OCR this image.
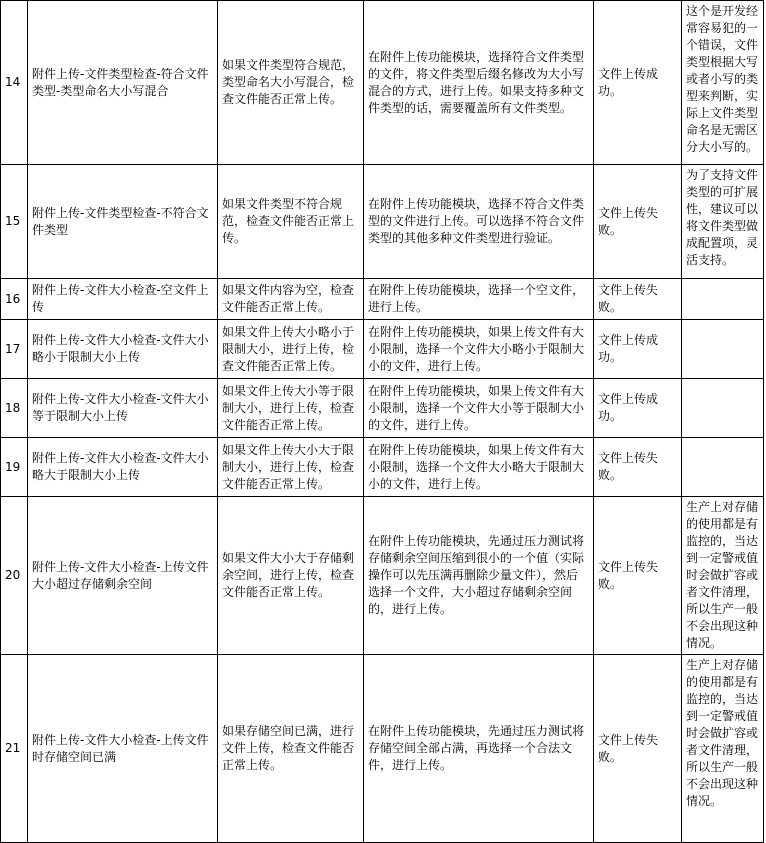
14	附件上传-文件类型检查-符合文件类型-类型命名大小写混合	如果文件类型符合规范，类型命名大小写混合，检查文件能否正常上传。	在附件上传功能模块，选择符合文件类型的文件，将文件类型后缀名修改为大小写混合的方式，进行上传。如果支持多种文件类型的话，需要覆盖所有文件类型。	文件上传成功。	这个是开发经常容易犯的一个错误，文件类型根据大写或者小写的类型来判断，实际上文件类型命名是无需区分大小写的。
15	附件上传-文件类型检查-不符合文件类型	如果文件类型不符合规范，检查文件能否正常上传。	在附件上传功能模块，选择不符合文件类型的文件进行上传。可以选择不符合文件类型的其他多种文件类型进行验证。	文件上传失败。	为了支持文件类型的可扩展性，建议可以将文件类型做成配置项，灵活支持。
16	附件上传-文件大小检查-空文件上传	如果文件内容为空，检查文件能否正常上传。	在附件上传功能模块，选择一个空文件，进行上传。	文件上传失败。	
17	附件上传-文件大小检查-文件大小略小于限制大小上传	如果文件上传大小略小于限制大小，进行上传，检查文件能否正常上传。	在附件上传功能模块，如果上传文件有大小限制，选择一个文件大小略小于限制大小的文件，进行上传。	文件上传成功。	
18	附件上传-文件大小检查-文件大小等于限制大小上传	如果文件上传大小等于限制大小，进行上传，检查文件能否正常上传。	在附件上传功能模块，如果上传文件有大小限制，选择一个文件大小等于限制大小的文件，进行上传。	文件上传成功。	
19	附件上传-文件大小检查-文件大小略大于限制大小上传	如果文件上传大小大于限制大小，进行上传，检查文件能否正常上传。	在附件上传功能模块，如果上传文件有大小限制，选择一个文件大小略大于限制大小的文件，进行上传。	文件上传失败。	
20	附件上传-文件大小检查-上传文件大小超过存储剩余空间	如果文件大小大于存储剩余空间，进行上传，检查文件能否正常上传。	在附件上传功能模块，先通过压力测试将存储剩余空间压缩到很小的一个值（实际操作可以先压满再删除少量文件），然后选择一个文件，大小超过存储剩余空间的，进行上传。	文件上传失败。	生产上对存储的使用都是有监控的，当达到一定警戒值时会做扩容或者文件清理，所以生产一般不会出现这种情况。
21	附件上传-文件大小检查-上传文件时存储空间已满	如果存储空间已满，进行文件上传，检查文件能否正常上传。	在附件上传功能模块，先通过压力测试将存储空间全部占满，再选择一个合法文件，进行上传。	文件上传失败。	生产上对存储的使用都是有监控的，当达到一定警戒值时会做扩容或者文件清理，所以生产一般不会出现这种情况。
